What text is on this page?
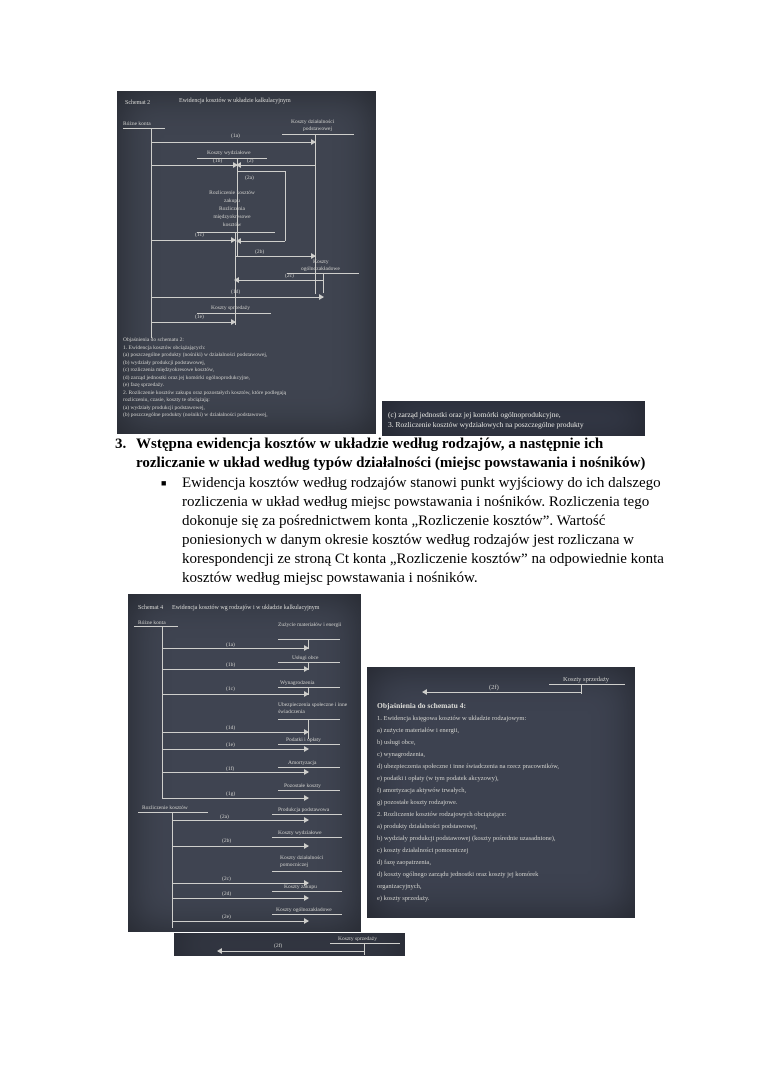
Schemat 2	Ewidencja kosztów w układzie kalkulacyjnym
Różne konta	Koszty działalności
podstawowej
(1a)
Koszty wydziałowe
(1b)	(2)
(2a)
Rozliczenie kosztów
zakupu
Rozliczenia
międzyokresowe
kosztów
(1c)
(2b)
Koszty
ogólnozakładowe
(2c)
(1d)
Koszty sprzedaży
(1e)
Objaśnienia do schematu 2:
1. Ewidencja kosztów obciążających:
(a) poszczególne produkty (nośniki) w działalności podstawowej,
(b) wydziały produkcji podstawowej,
(c) rozliczenia międzyokresowe kosztów,
(d) zarząd jednostki oraz jej komórki ogólnoprodukcyjne,
(e) fazę sprzedaży.
2. Rozliczenie kosztów zakupu oraz pozostałych kosztów, które podlegają
rozliczeniu, czasie, koszty te obciążają:
(a) wydziały produkcji podstawowej,
(b) poszczególne produkty (nośniki) w działalności podstawowej,	(c) zarząd jednostki oraz jej komórki ogólnoprodukcyjne,
3. Rozliczenie kosztów wydziałowych na poszczególne produkty
3. Wstępna ewidencja kosztów w układzie według rodzajów, a następnie ich rozliczanie w układ według typów działalności (miejsc powstawania i nośników)
■	Ewidencja kosztów według rodzajów stanowi punkt wyjściowy do ich dalszego rozliczenia w układ według miejsc powstawania i nośników. Rozliczenia tego dokonuje się za pośrednictwem konta „Rozliczenie kosztów”. Wartość poniesionych w danym okresie kosztów według rodzajów jest rozliczana w korespondencji ze stroną Ct konta „Rozliczenie kosztów” na odpowiednie konta kosztów według miejsc powstawania i nośników.
Schemat 4 Ewidencja kosztów wg rodzajów i w układzie kalkulacyjnym
Różne konta	Zużycie materiałów i energii
(1a)
Usługi obce
(1b)
Wynagrodzenia
(1c)
Ubezpieczenia społeczne i inne świadczenia
(1d)
Podatki i opłaty
(1e)
Amortyzacja
(1f)
Pozostałe koszty
(1g)
Rozliczenie kosztów	Produkcja podstawowa
(2a)
Koszty wydziałowe
(2b)
Koszty działalności pomocniczej
(2c)
Koszty zakupu
(2d)
Koszty ogólnozakładowe
(2e)
Koszty sprzedaży
(2f)
Objaśnienia do schematu 4:
1. Ewidencja księgowa kosztów w układzie rodzajowym:
a) zużycie materiałów i energii,
b) usługi obce,
c) wynagrodzenia,
d) ubezpieczenia społeczne i inne świadczenia na rzecz pracowników,
e) podatki i opłaty (w tym podatek akcyzowy),
f) amortyzacja aktywów trwałych,
g) pozostałe koszty rodzajowe.
2. Rozliczenie kosztów rodzajowych obciążające:
a) produkty działalności podstawowej,
b) wydziały produkcji podstawowej (koszty pośrednie uzasadnione),
c) koszty działalności pomocniczej
d) fazę zaopatrzenia,
d) koszty ogólnego zarządu jednostki oraz koszty jej komórek
organizacyjnych,
e) koszty sprzedaży.
Koszty sprzedaży
(2f)
